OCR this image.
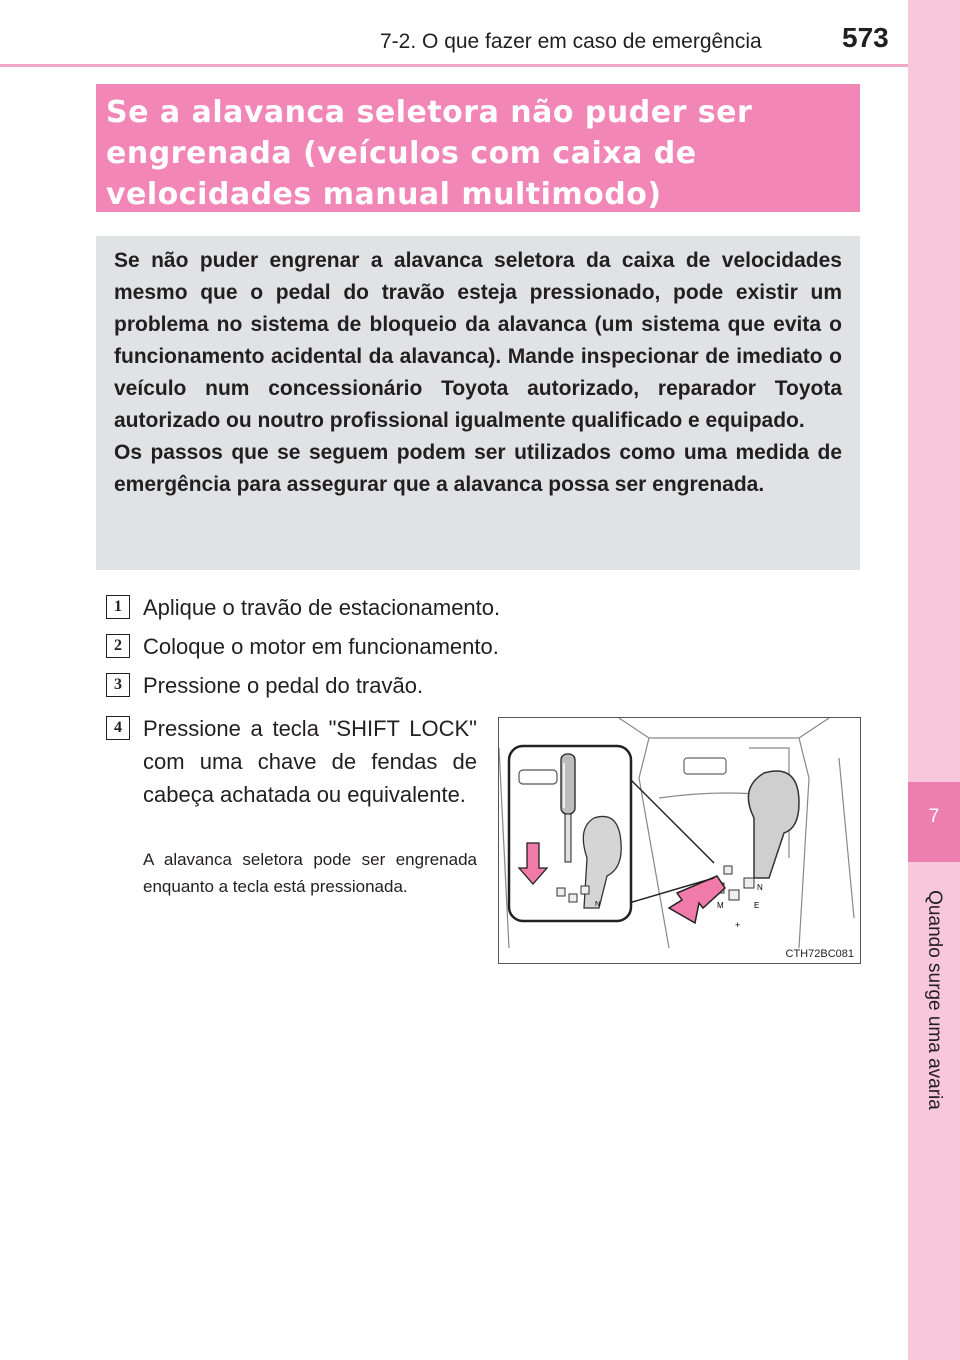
7-2. O que fazer em caso de emergência	573
7
Quando surge uma avaria
Se a alavanca seletora não puder ser
engrenada (veículos com caixa de
velocidades manual multimodo)

Se não puder engrenar a alavanca seletora da caixa de velocidades mesmo que o pedal do travão esteja pressionado, pode existir um problema no sistema de bloqueio da alavanca (um sistema que evita o funcionamento acidental da alavanca). Mande inspecionar de imediato o veículo num concessionário Toyota autorizado, reparador Toyota autorizado ou noutro profissional igualmente qualificado e equipado.

Os passos que se seguem podem ser utilizados como uma medida de emergência para assegurar que a alavanca possa ser engrenada.

1 Aplique o travão de estacionamento.
2 Coloque o motor em funcionamento.
3 Pressione o pedal do travão.
4 Pressione a tecla "SHIFT LOCK" com uma chave de fendas de cabeça achatada ou equivalente.
A alavanca seletora pode ser engrenada enquanto a tecla está pressionada.	N
M	E
+
N
CTH72BC081
